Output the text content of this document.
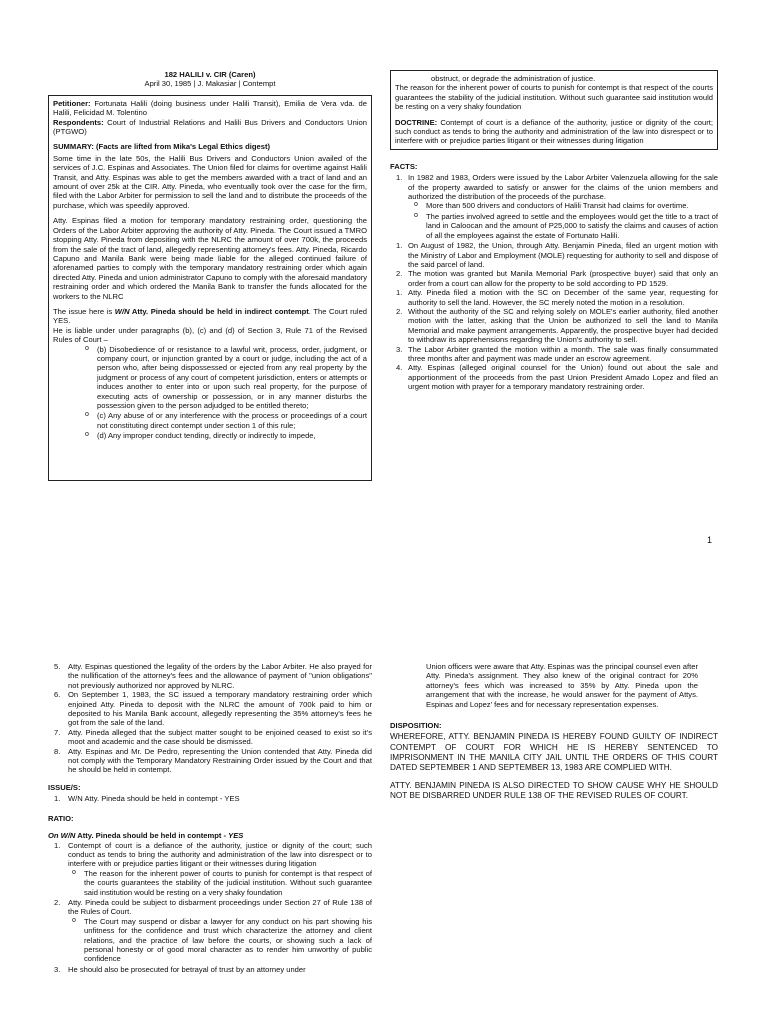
182 HALILI v. CIR (Caren)
April 30, 1985 | J. Makasiar | Contempt

Petitioner: Fortunata Halili (doing business under Halili Transit), Emilia de Vera vda. de Halili, Felicidad M. Tolentino

Respondents: Court of Industrial Relations and Halili Bus Drivers and Conductors Union (PTGWO)

SUMMARY: (Facts are lifted from Mika's Legal Ethics digest)

Some time in the late 50s, the Halili Bus Drivers and Conductors Union availed of the services of J.C. Espinas and Associates. The Union filed for claims for overtime against Halili Transit, and Atty. Espinas was able to get the members awarded with a tract of land and an amount of over 25k at the CIR. Atty. Pineda, who eventually took over the case for the firm, filed with the Labor Arbiter for permission to sell the land and to distribute the proceeds of the purchase, which was speedily approved.

Atty. Espinas filed a motion for temporary mandatory restraining order, questioning the Orders of the Labor Arbiter approving the authority of Atty. Pineda. The Court issued a TMRO stopping Atty. Pineda from depositing with the NLRC the amount of over 700k, the proceeds from the sale of the tract of land, allegedly representing attorney's fees. Atty. Pineda, Ricardo Capuno and Manila Bank were being made liable for the alleged continued failure of aforenamed parties to comply with the temporary mandatory restraining order which again directed Atty. Pineda and union administrator Capuno to comply with the aforesaid mandatory restraining order and which ordered the Manila Bank to transfer the funds allocated for the workers to the NLRC

The issue here is W/N Atty. Pineda should be held in indirect contempt. The Court ruled YES.

He is liable under under paragraphs (b), (c) and (d) of Section 3, Rule 71 of the Revised Rules of Court –

o (b) Disobedience of or resistance to a lawful writ, process, order, judgment, or company court, or injunction granted by a court or judge, including the act of a person who, after being dispossessed or ejected from any real property by the judgment or process of any court of competent jurisdiction, enters or attempts or induces another to enter into or upon such real property, for the purpose of executing acts of ownership or possession, or in any manner disturbs the possession given to the person adjudged to be entitled thereto;
o (c) Any abuse of or any interference with the process or proceedings of a court not constituting direct contempt under section 1 of this rule;
o (d) Any improper conduct tending, directly or indirectly to impede,

obstruct, or degrade the administration of justice.

The reason for the inherent power of courts to punish for contempt is that respect of the courts guarantees the stability of the judicial institution. Without such guarantee said institution would be resting on a very shaky foundation

DOCTRINE: Contempt of court is a defiance of the authority, justice or dignity of the court; such conduct as tends to bring the authority and administration of the law into disrespect or to interfere with or prejudice parties litigant or their witnesses during litigation

FACTS:
1. In 1982 and 1983, Orders were issued by the Labor Arbiter Valenzuela allowing for the sale of the property awarded to satisfy or answer for the claims of the union members and authorized the distribution of the proceeds of the purchase.

o More than 500 drivers and conductors of Halili Transit had claims for overtime.
o The parties involved agreed to settle and the employees would get the title to a tract of land in Caloocan and the amount of P25,000 to satisfy the claims and causes of action of all the employees against the estate of Fortunato Halili.
1. On August of 1982, the Union, through Atty. Benjamin Pineda, filed an urgent motion with the Ministry of Labor and Employment (MOLE) requesting for authority to sell and dispose of the said parcel of land.

2. The motion was granted but Manila Memorial Park (prospective buyer) said that only an order from a court can allow for the property to be sold according to PD 1529.

1. Atty. Pineda filed a motion with the SC on December of the same year, requesting for authority to sell the land. However, the SC merely noted the motion in a resolution.

2. Without the authority of the SC and relying solely on MOLE's earlier authority, filed another motion with the latter, asking that the Union be authorized to sell the land to Manila Memorial and make payment arrangements. Apparently, the prospective buyer had decided to withdraw its apprehensions regarding the Union's authority to sell.

3. The Labor Arbiter granted the motion within a month. The sale was finally consummated three months after and payment was made under an escrow agreement.

4. Atty. Espinas (alleged original counsel for the Union) found out about the sale and apportionment of the proceeds from the past Union President Amado Lopez and filed an urgent motion with prayer for a temporary mandatory restraining order.

1
5.	Atty. Espinas questioned the legality of the orders by the Labor Arbiter. He also prayed for the nullification of the attorney's fees and the allowance of payment of "union obligations" not previously authorized nor approved by NLRC.

6.	On September 1, 1983, the SC issued a temporary mandatory restraining order which enjoined Atty. Pineda to deposit with the NLRC the amount of 700k paid to him or deposited to his Manila Bank account, allegedly representing the 35% attorney's fees he got from the sale of the land.

7.	Atty. Pineda alleged that the subject matter sought to be enjoined ceased to exist so it's moot and academic and the case should be dismissed.

8.	Atty. Espinas and Mr. De Pedro, representing the Union contended that Atty. Pineda did not comply with the Temporary Mandatory Restraining Order issued by the Court and that he should be held in contempt.

ISSUE/S:
1.	W/N Atty. Pineda should be held in contempt - YES
RATIO:
On W/N Atty. Pineda should be held in contempt - YES
1.	Contempt of court is a defiance of the authority, justice or dignity of the court; such conduct as tends to bring the authority and administration of the law into disrespect or to interfere with or prejudice parties litigant or their witnesses during litigation

o The reason for the inherent power of courts to punish for contempt is that respect of the courts guarantees the stability of the judicial institution. Without such guarantee said institution would be resting on a very shaky foundation
2.	Atty. Pineda could be subject to disbarment proceedings under Section 27 of Rule 138 of the Rules of Court.

o The Court may suspend or disbar a lawyer for any conduct on his part showing his unfitness for the confidence and trust which characterize the attorney and client relations, and the practice of law before the courts, or showing such a lack of personal honesty or of good moral character as to render him unworthy of public confidence
3.	He should also be prosecuted for betrayal of trust by an attorney under

Union officers were aware that Atty. Espinas was the principal counsel even after Atty. Pineda's assignment. They also knew of the original contract for 20% attorney's fees which was increased to 35% by Atty. Pineda upon the arrangement that with the increase, he would answer for the payment of Attys. Espinas and Lopez' fees and for necessary representation expenses.

DISPOSITION:

WHEREFORE, ATTY. BENJAMIN PINEDA IS HEREBY FOUND GUILTY OF INDIRECT CONTEMPT OF COURT FOR WHICH HE IS HEREBY SENTENCED TO IMPRISONMENT IN THE MANILA CITY JAIL UNTIL THE ORDERS OF THIS COURT DATED SEPTEMBER 1 AND SEPTEMBER 13, 1983 ARE COMPLIED WITH.

ATTY. BENJAMIN PINEDA IS ALSO DIRECTED TO SHOW CAUSE WHY HE SHOULD NOT BE DISBARRED UNDER RULE 138 OF THE REVISED RULES OF COURT.
